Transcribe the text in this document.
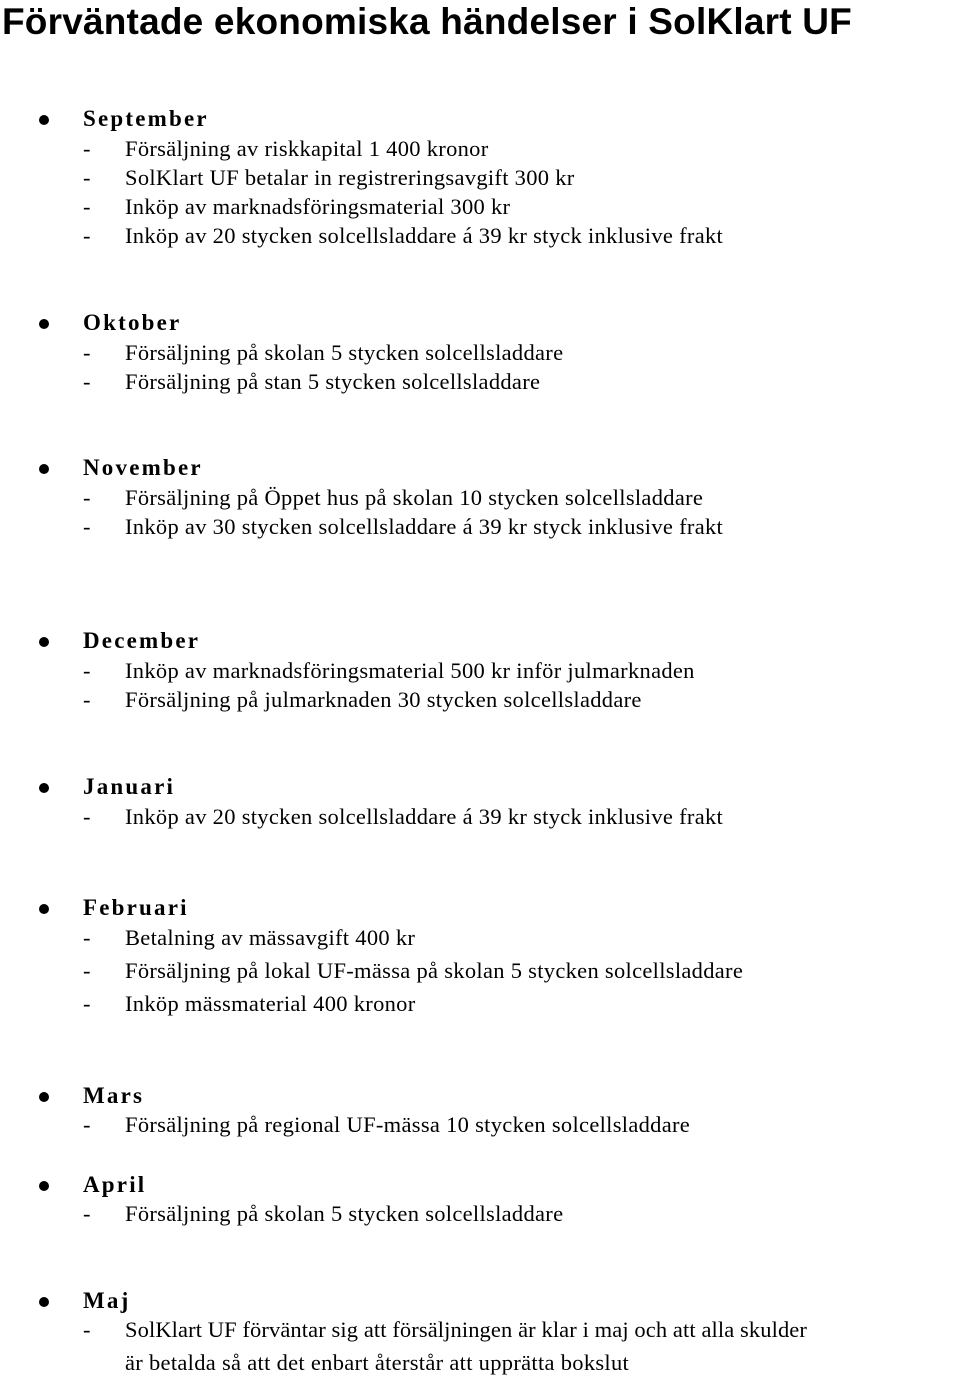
Förväntade ekonomiska händelser i SolKlart UF
September
- Försäljning av riskkapital 1 400 kronor
- SolKlart UF betalar in registreringsavgift 300 kr
- Inköp av marknadsföringsmaterial 300 kr
- Inköp av 20 stycken solcellsladdare á 39 kr styck inklusive frakt
Oktober
- Försäljning på skolan 5 stycken solcellsladdare
- Försäljning på stan 5 stycken solcellsladdare
November
- Försäljning på Öppet hus på skolan 10 stycken solcellsladdare
- Inköp av 30 stycken solcellsladdare á 39 kr styck inklusive frakt
December
- Inköp av marknadsföringsmaterial 500 kr inför julmarknaden
- Försäljning på julmarknaden 30 stycken solcellsladdare
Januari
- Inköp av 20 stycken solcellsladdare á 39 kr styck inklusive frakt
Februari
- Betalning av mässavgift 400 kr
- Försäljning på lokal UF-mässa på skolan 5 stycken solcellsladdare
- Inköp mässmaterial 400 kronor
Mars
- Försäljning på regional UF-mässa 10 stycken solcellsladdare
April
- Försäljning på skolan 5 stycken solcellsladdare
Maj
- SolKlart UF förväntar sig att försäljningen är klar i maj och att alla skulder
är betalda så att det enbart återstår att upprätta bokslut
